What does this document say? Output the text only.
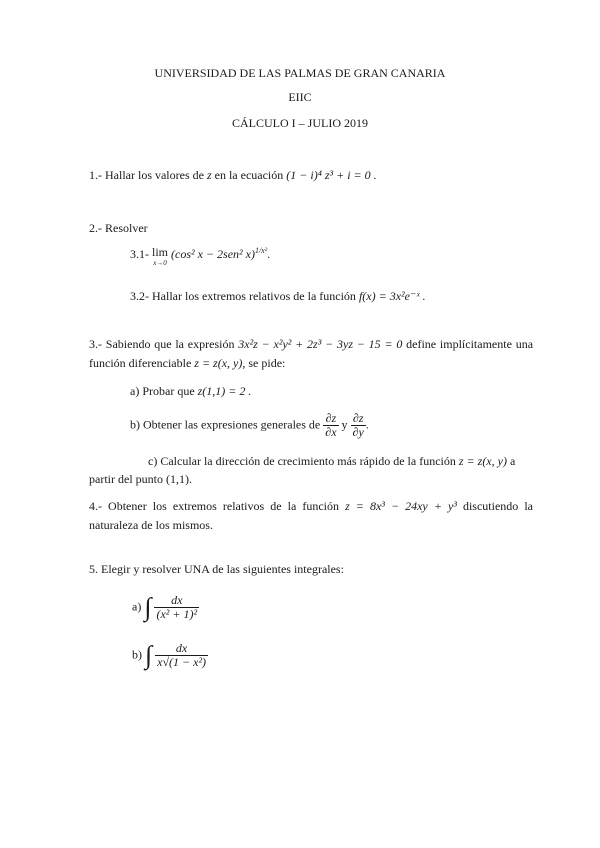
UNIVERSIDAD DE LAS PALMAS DE GRAN CANARIA
EIIC
CÁLCULO I – JULIO 2019
1.- Hallar los valores de z en la ecuación (1 − i)⁴ z³ + i = 0 .
2.- Resolver
3.1- lim
x→0
(cos² x − 2sen² x)$^{1/x^2}$.
3.2- Hallar los extremos relativos de la función f(x) = 3x²e⁻ˣ .
3.- Sabiendo que la expresión 3x²z − x²y² + 2z³ − 3yz − 15 = 0 define implícitamente una función diferenciable z = z(x, y), se pide:
a) Probar que z(1,1) = 2 .
b) Obtener las expresiones generales de $\frac{\partial z}{\partial x}$ y $\frac{\partial z}{\partial y}$ .
c) Calcular la dirección de crecimiento más rápido de la función z = z(x, y) a
partir del punto (1,1).
4.- Obtener los extremos relativos de la función z = 8x³ − 24xy + y³ discutiendo la naturaleza de los mismos.
5. Elegir y resolver UNA de las siguientes integrales:
a) ∫ $\frac{dx}{\text{(x² + 1)²}}$
b) ∫ $\frac{dx}{\text{x√(1 − x²)}}$
